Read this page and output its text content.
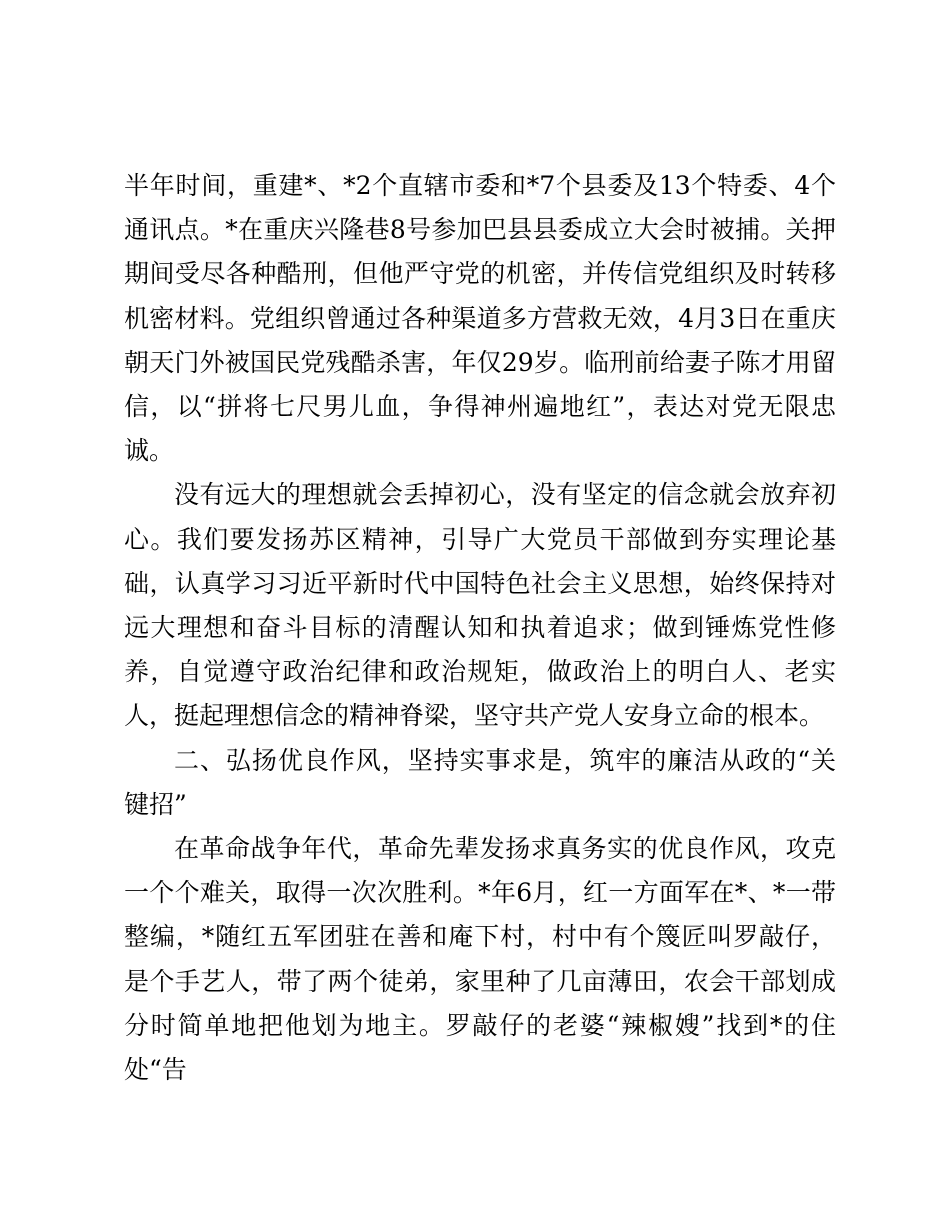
半年时间，重建*、*2个直辖市委和*7个县委及13个特委、4个通讯点。*在重庆兴隆巷8号参加巴县县委成立大会时被捕。关押期间受尽各种酷刑，但他严守党的机密，并传信党组织及时转移机密材料。党组织曾通过各种渠道多方营救无效，4月3日在重庆朝天门外被国民党残酷杀害，年仅29岁。临刑前给妻子陈才用留信，以“拼将七尺男儿血，争得神州遍地红”，表达对党无限忠诚。

没有远大的理想就会丢掉初心，没有坚定的信念就会放弃初心。我们要发扬苏区精神，引导广大党员干部做到夯实理论基础，认真学习习近平新时代中国特色社会主义思想，始终保持对远大理想和奋斗目标的清醒认知和执着追求；做到锤炼党性修养，自觉遵守政治纪律和政治规矩，做政治上的明白人、老实人，挺起理想信念的精神脊梁，坚守共产党人安身立命的根本。

二、弘扬优良作风，坚持实事求是，筑牢的廉洁从政的“关键招”

在革命战争年代，革命先辈发扬求真务实的优良作风，攻克一个个难关，取得一次次胜利。*年6月，红一方面军在*、*一带整编，*随红五军团驻在善和庵下村，村中有个篾匠叫罗敲仔，是个手艺人，带了两个徒弟，家里种了几亩薄田，农会干部划成分时简单地把他划为地主。罗敲仔的老婆“辣椒嫂”找到*的住处“告
